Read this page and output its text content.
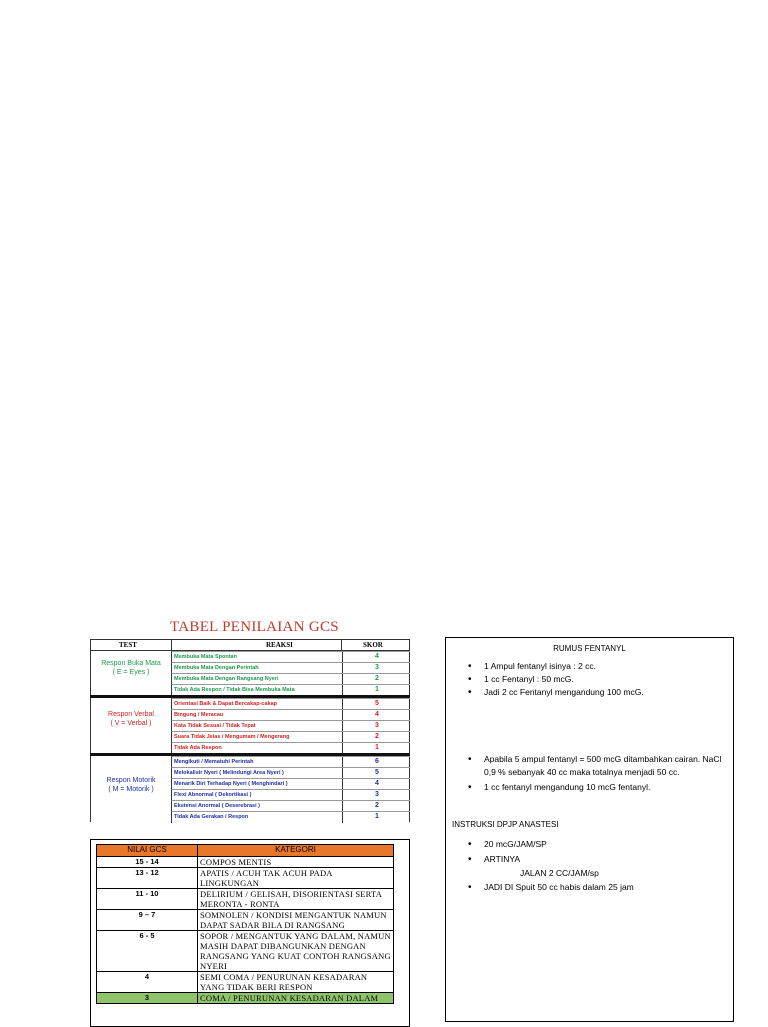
TABEL PENILAIAN GCS
TEST	REAKSI	SKOR
Respon Buka Mata
( E = Eyes )
Membuka Mata Spontan	4
Membuka Mata Dengan Perintah	3
Membuka Mata Dengan Rangsang Nyeri	2
Tidak Ada Respon / Tidak Bisa Membuka Mata	1
Respon Verbal
( V = Verbal )
Orientasi Baik & Dapat Bercakap-cakap	5
Bingung / Meracau	4
Kata Tidak Sesuai / Tidak Tepat	3
Suara Tidak Jelas / Mengumam / Mengerang	2
Tidak Ada Respon	1
Respon Motorik
( M = Motorik )
Mengikuti / Mematuhi Perintah	6
Melokalisir Nyeri ( Melindungi Area Nyeri )	5
Menarik Diri Terhadap Nyeri ( Menghindari )	4
Flexi Abnormal ( Dekortikasi )	3
Ekstensi Anormal ( Deserebrasi )	2
Tidak Ada Gerakan / Respon	1
NILAI GCS	KATEGORI
15 - 14	COMPOS MENTIS
13 - 12	APATIS / ACUH TAK ACUH PADA LINGKUNGAN
11 - 10	DELIRIUM / GELISAH, DISORIENTASI SERTA MERONTA - RONTA
9 – 7	SOMNOLEN / KONDISI MENGANTUK NAMUN DAPAT SADAR BILA DI RANGSANG
6 - 5	SOPOR / MENGANTUK YANG DALAM, NAMUN MASIH DAPAT DIBANGUNKAN DENGAN RANGSANG YANG KUAT CONTOH RANGSANG NYERI
4	SEMI COMA / PENURUNAN KESADARAN YANG TIDAK BERI RESPON
3	COMA / PENURUNAN KESADARAN DALAM
RUMUS FENTANYL
• 1 Ampul fentanyl isinya : 2 cc.
• 1 cc Fentanyl : 50 mcG.
• Jadi 2 cc Fentanyl mengandung 100 mcG.
• Apabila 5 ampul fentanyl = 500 mcG ditambahkan cairan. NaCl 0,9 % sebanyak 40 cc maka totalnya menjadi 50 cc.
• 1 cc fentanyl mengandung 10 mcG fentanyl.
INSTRUKSI DPJP ANASTESI
• 20 mcG/JAM/SP
• ARTINYA
JALAN 2 CC/JAM/sp
• JADI DI Spuit 50 cc habis dalam 25 jam
